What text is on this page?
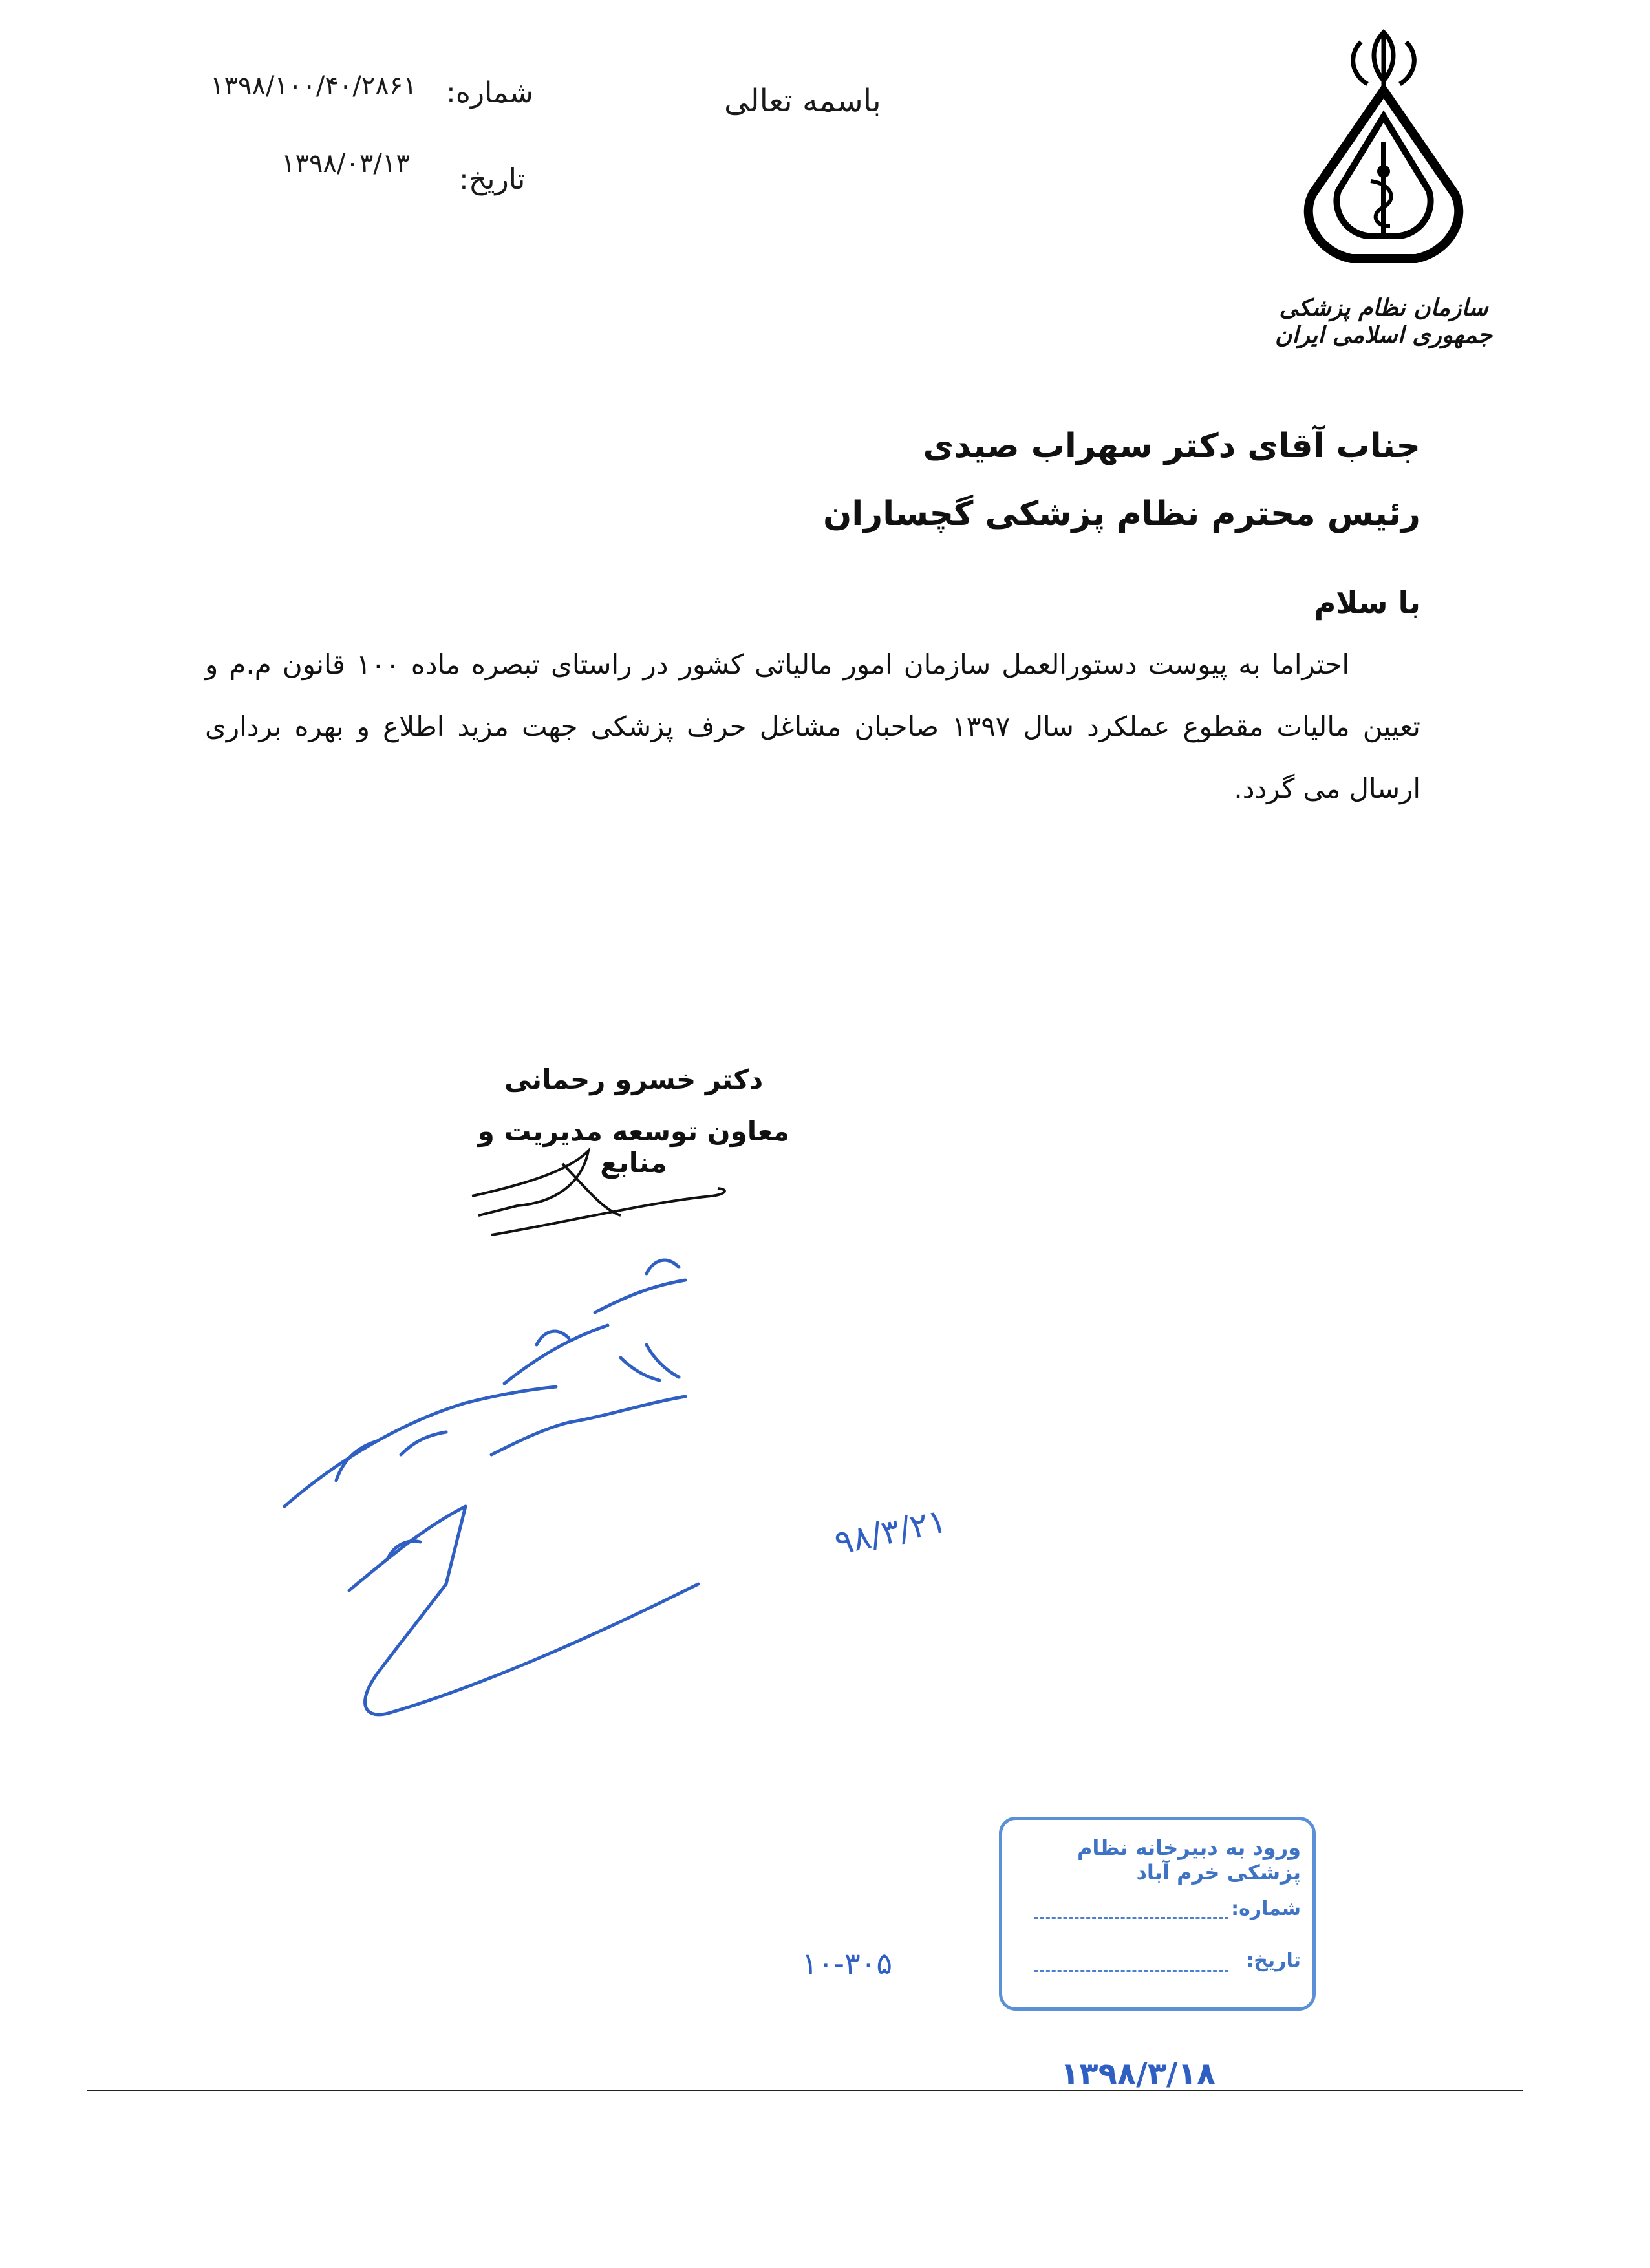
شماره:
۱۳۹۸/۱۰۰/۴۰/۲۸۶۱
تاریخ:
۱۳۹۸/۰۳/۱۳
باسمه تعالی
سازمان نظام پزشکی جمهوری اسلامی ایران
جناب آقای دکتر سهراب صیدی
رئیس محترم نظام پزشکی گچساران
با سلام
احتراما به پیوست دستورالعمل سازمان امور مالیاتی کشور در راستای تبصره ماده ۱۰۰ قانون م.م و تعیین مالیات مقطوع عملکرد سال ۱۳۹۷ صاحبان مشاغل حرف پزشکی جهت مزید اطلاع و بهره برداری ارسال می گردد.
دکتر خسرو رحمانی
معاون توسعه مدیریت و منابع
۹۸/۳/۲۱
ورود به دبیرخانه نظام پزشکی خرم آباد
شماره:
تاریخ:
۱۰-۳۰۵
۱۳۹۸/۳/۱۸
